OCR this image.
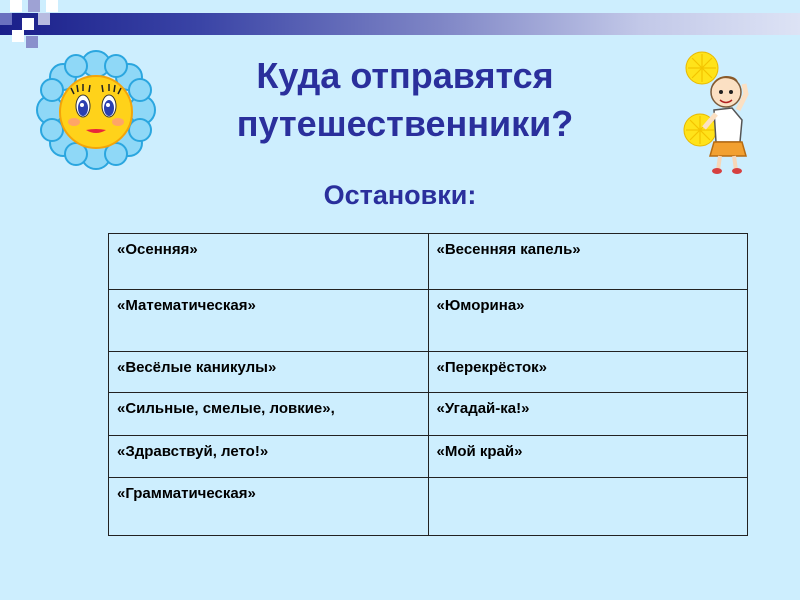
Куда отправятся
путешественники?
Остановки:
«Осенняя»	«Весенняя капель»
«Математическая»	«Юморина»
«Весёлые каникулы»	«Перекрёсток»
«Сильные, смелые, ловкие»,	«Угадай-ка!»
«Здравствуй, лето!»	«Мой край»
«Грамматическая»	
